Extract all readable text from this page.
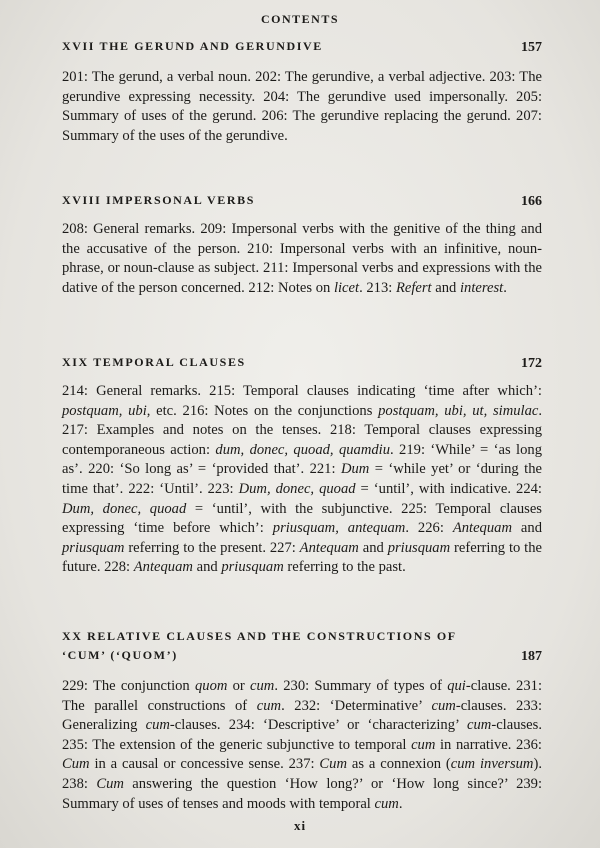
CONTENTS
XVII THE GERUND AND GERUNDIVE	157
201: The gerund, a verbal noun. 202: The gerundive, a verbal adjective. 203: The gerundive expressing necessity. 204: The gerundive used impersonally. 205: Summary of uses of the gerund. 206: The gerundive replacing the gerund. 207: Summary of the uses of the gerundive.
XVIII IMPERSONAL VERBS	166
208: General remarks. 209: Impersonal verbs with the genitive of the thing and the accusative of the person. 210: Impersonal verbs with an infinitive, noun-phrase, or noun-clause as subject. 211: Impersonal verbs and expressions with the dative of the person concerned. 212: Notes on licet. 213: Refert and interest.
XIX TEMPORAL CLAUSES	172
214: General remarks. 215: Temporal clauses indicating ‘time after which’: postquam, ubi, etc. 216: Notes on the conjunctions postquam, ubi, ut, simulac. 217: Examples and notes on the tenses. 218: Temporal clauses expressing contemporaneous action: dum, donec, quoad, quamdiu. 219: ‘While’ = ‘as long as’. 220: ‘So long as’ = ‘provided that’. 221: Dum = ‘while yet’ or ‘during the time that’. 222: ‘Until’. 223: Dum, donec, quoad = ‘until’, with indicative. 224: Dum, donec, quoad = ‘until’, with the subjunctive. 225: Temporal clauses expressing ‘time before which’: priusquam, antequam. 226: Antequam and priusquam referring to the present. 227: Antequam and priusquam referring to the future. 228: Antequam and priusquam referring to the past.
XX RELATIVE CLAUSES AND THE CONSTRUCTIONS OF ‘CUM’ (‘QUOM’)	187
229: The conjunction quom or cum. 230: Summary of types of qui-clause. 231: The parallel constructions of cum. 232: ‘Determinative’ cum-clauses. 233: Generalizing cum-clauses. 234: ‘Descriptive’ or ‘characterizing’ cum-clauses. 235: The extension of the generic subjunctive to temporal cum in narrative. 236: Cum in a causal or concessive sense. 237: Cum as a connexion (cum inversum). 238: Cum answering the question ‘How long?’ or ‘How long since?’ 239: Summary of uses of tenses and moods with temporal cum.
xi
